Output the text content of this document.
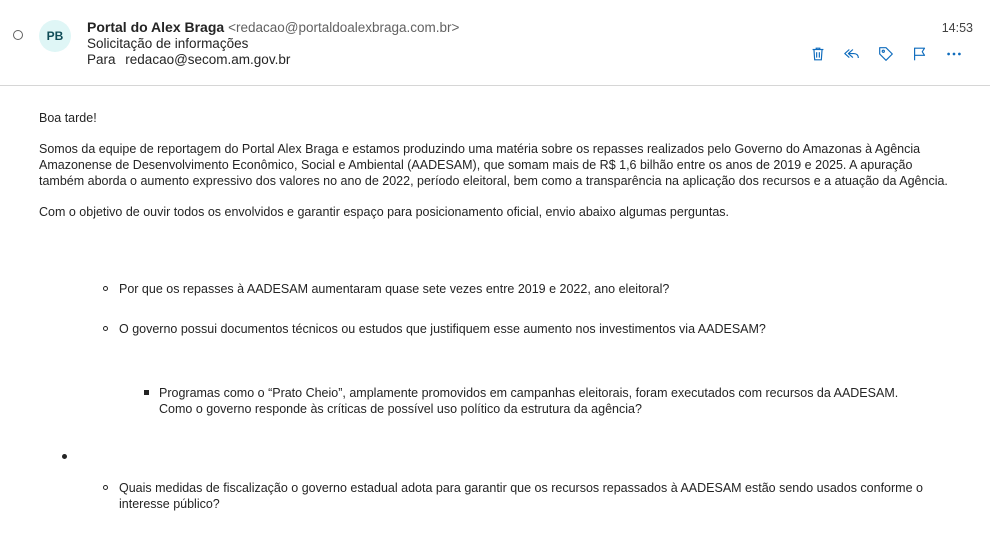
PB
Portal do Alex Braga <redacao@portaldoalexbraga.com.br>
Solicitação de informações
Para redacao@secom.am.gov.br
14:53

Boa tarde!

Somos da equipe de reportagem do Portal Alex Braga e estamos produzindo uma matéria sobre os repasses realizados pelo Governo do Amazonas à Agência Amazonense de Desenvolvimento Econômico, Social e Ambiental (AADESAM), que somam mais de R$ 1,6 bilhão entre os anos de 2019 e 2025. A apuração também aborda o aumento expressivo dos valores no ano de 2022, período eleitoral, bem como a transparência na aplicação dos recursos e a atuação da Agência.

Com o objetivo de ouvir todos os envolvidos e garantir espaço para posicionamento oficial, envio abaixo algumas perguntas.

Por que os repasses à AADESAM aumentaram quase sete vezes entre 2019 e 2022, ano eleitoral?
O governo possui documentos técnicos ou estudos que justifiquem esse aumento nos investimentos via AADESAM?
Programas como o “Prato Cheio”, amplamente promovidos em campanhas eleitorais, foram executados com recursos da AADESAM. Como o governo responde às críticas de possível uso político da estrutura da agência?
Quais medidas de fiscalização o governo estadual adota para garantir que os recursos repassados à AADESAM estão sendo usados conforme o interesse público?
